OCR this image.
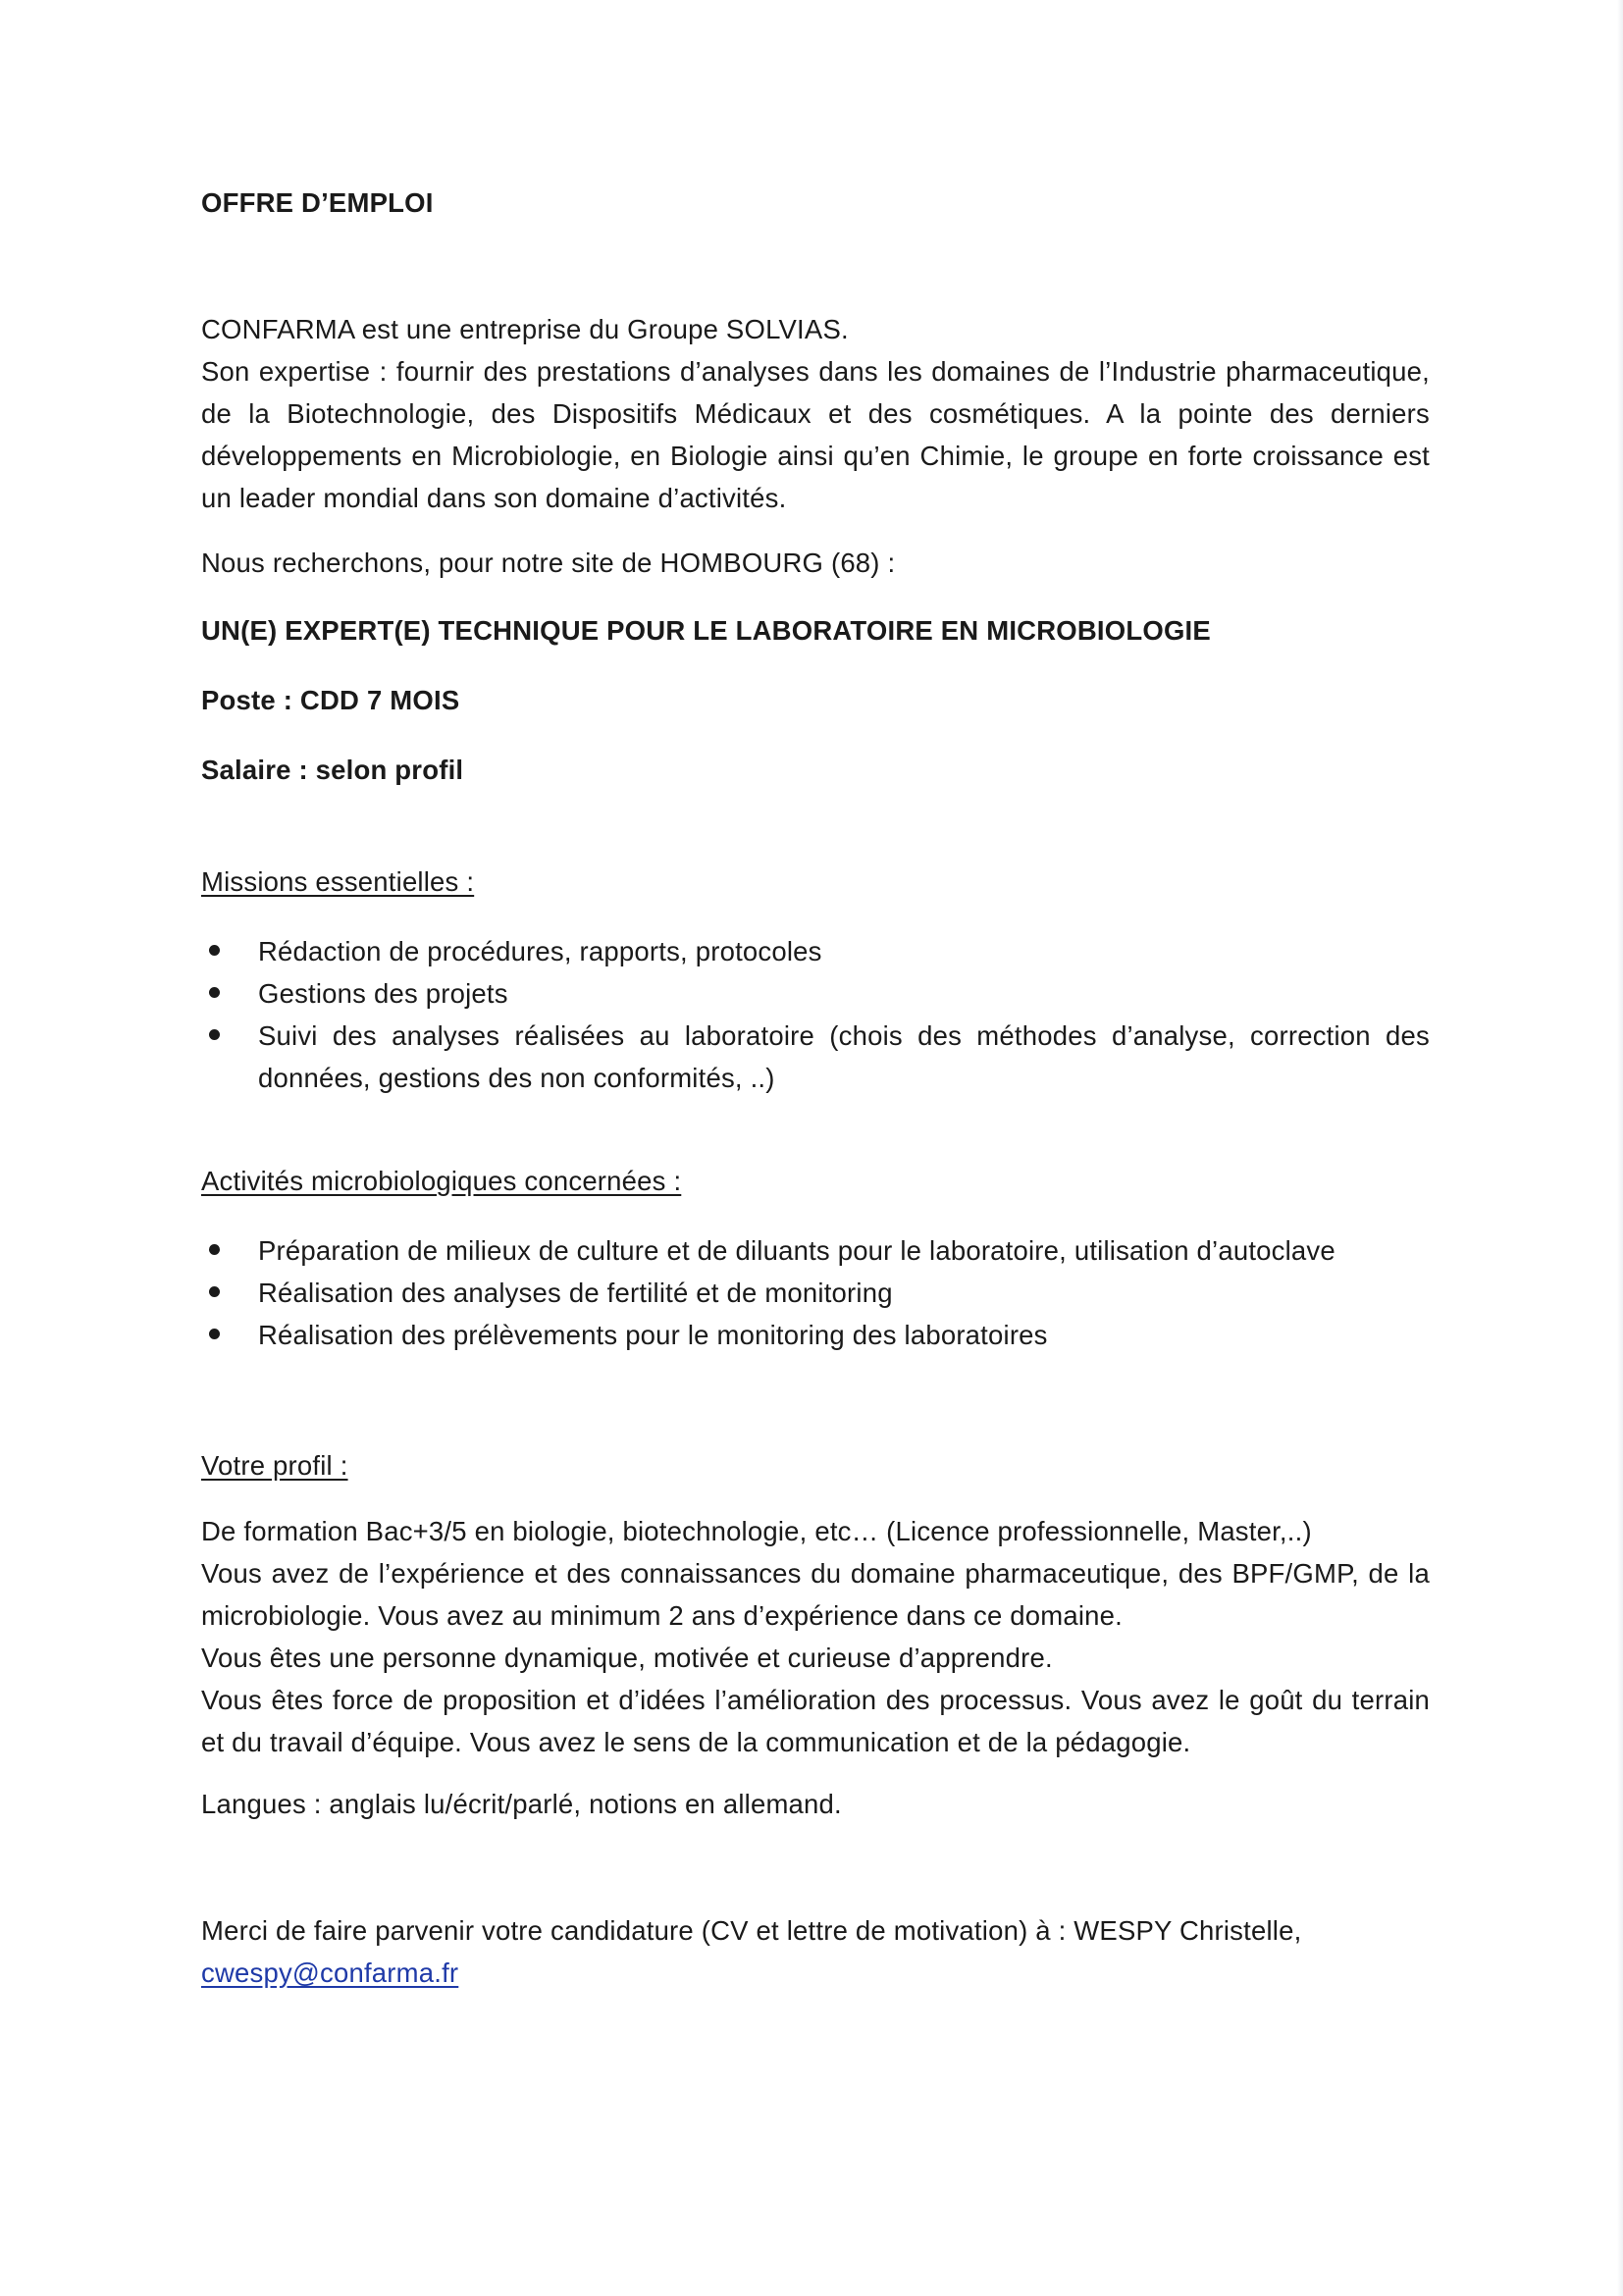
OFFRE D’EMPLOI

CONFARMA est une entreprise du Groupe SOLVIAS.

Son expertise : fournir des prestations d’analyses dans les domaines de l’Industrie pharmaceutique, de la Biotechnologie, des Dispositifs Médicaux et des cosmétiques. A la pointe des derniers développements en Microbiologie, en Biologie ainsi qu’en Chimie, le groupe en forte croissance est un leader mondial dans son domaine d’activités.

Nous recherchons, pour notre site de HOMBOURG (68) :

UN(E) EXPERT(E) TECHNIQUE POUR LE LABORATOIRE EN MICROBIOLOGIE

Poste : CDD 7 MOIS

Salaire : selon profil

Missions essentielles :

Rédaction de procédures, rapports, protocoles
Gestions des projets
Suivi des analyses réalisées au laboratoire (chois des méthodes d’analyse, correction des données, gestions des non conformités, ..)

Activités microbiologiques concernées :

Préparation de milieux de culture et de diluants pour le laboratoire, utilisation d’autoclave
Réalisation des analyses de fertilité et de monitoring
Réalisation des prélèvements pour le monitoring des laboratoires

Votre profil :

De formation Bac+3/5 en biologie, biotechnologie, etc… (Licence professionnelle, Master,..)

Vous avez de l’expérience et des connaissances du domaine pharmaceutique, des BPF/GMP, de la microbiologie. Vous avez au minimum 2 ans d’expérience dans ce domaine.

Vous êtes une personne dynamique, motivée et curieuse d’apprendre.

Vous êtes force de proposition et d’idées l’amélioration des processus. Vous avez le goût du terrain et du travail d’équipe. Vous avez le sens de la communication et de la pédagogie.

Langues : anglais lu/écrit/parlé, notions en allemand.

Merci de faire parvenir votre candidature (CV et lettre de motivation) à : WESPY Christelle,

cwespy@confarma.fr
